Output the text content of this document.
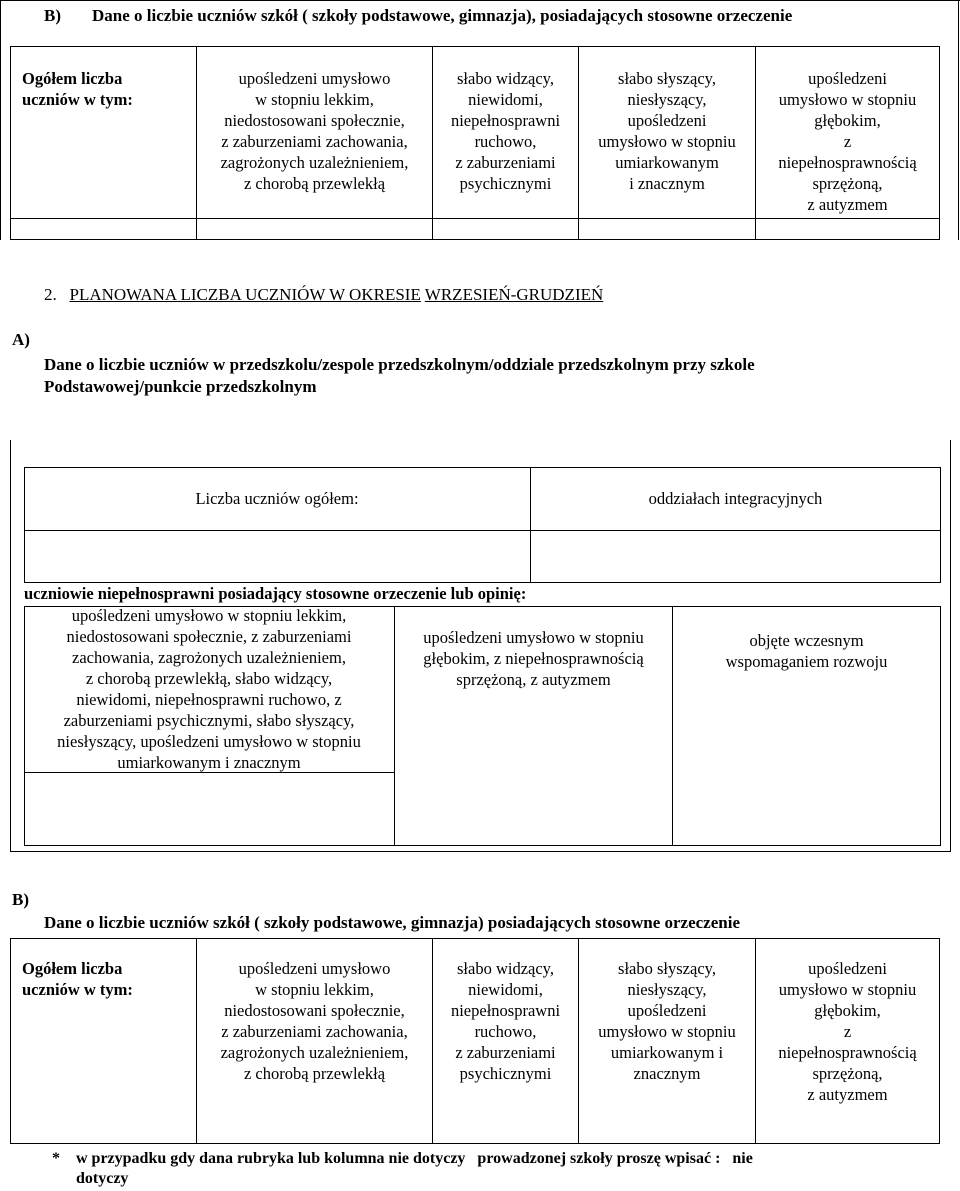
B) Dane o liczbie uczniów szkół ( szkoły podstawowe, gimnazja), posiadających stosowne orzeczenie
Ogółem liczba
uczniów w tym:
upośledzeni umysłowo
w stopniu lekkim,
niedostosowani społecznie,
z zaburzeniami zachowania,
zagrożonych uzależnieniem,
z chorobą przewlekłą
słabo widzący,
niewidomi,
niepełnosprawni
ruchowo,
z zaburzeniami
psychicznymi
słabo słyszący,
niesłyszący,
upośledzeni
umysłowo w stopniu
umiarkowanym
i znacznym
upośledzeni
umysłowo w stopniu
głębokim,
z
niepełnosprawnością
sprzężoną,
z autyzmem
2. PLANOWANA LICZBA UCZNIÓW W OKRESIE WRZESIEŃ-GRUDZIEŃ
A)
Dane o liczbie uczniów w przedszkolu/zespole przedszkolnym/oddziale przedszkolnym przy szkole
Podstawowej/punkcie przedszkolnym
Liczba uczniów ogółem:	oddziałach integracyjnych
uczniowie niepełnosprawni posiadający stosowne orzeczenie lub opinię:
upośledzeni umysłowo w stopniu lekkim,
niedostosowani społecznie, z zaburzeniami
zachowania, zagrożonych uzależnieniem,
z chorobą przewlekłą, słabo widzący,
niewidomi, niepełnosprawni ruchowo, z
zaburzeniami psychicznymi, słabo słyszący,
niesłyszący, upośledzeni umysłowo w stopniu
umiarkowanym i znacznym
upośledzeni umysłowo w stopniu
głębokim, z niepełnosprawnością
sprzężoną, z autyzmem
objęte wczesnym
wspomaganiem rozwoju
B)
Dane o liczbie uczniów szkół ( szkoły podstawowe, gimnazja) posiadających stosowne orzeczenie
Ogółem liczba
uczniów w tym:
upośledzeni umysłowo
w stopniu lekkim,
niedostosowani społecznie,
z zaburzeniami zachowania,
zagrożonych uzależnieniem,
z chorobą przewlekłą
słabo widzący,
niewidomi,
niepełnosprawni
ruchowo,
z zaburzeniami
psychicznymi
słabo słyszący,
niesłyszący,
upośledzeni
umysłowo w stopniu
umiarkowanym i
znacznym
upośledzeni
umysłowo w stopniu
głębokim,
z
niepełnosprawnością
sprzężoną,
z autyzmem
* w przypadku gdy dana rubryka lub kolumna nie dotyczy   prowadzonej szkoły proszę wpisać :   nie
dotyczy
